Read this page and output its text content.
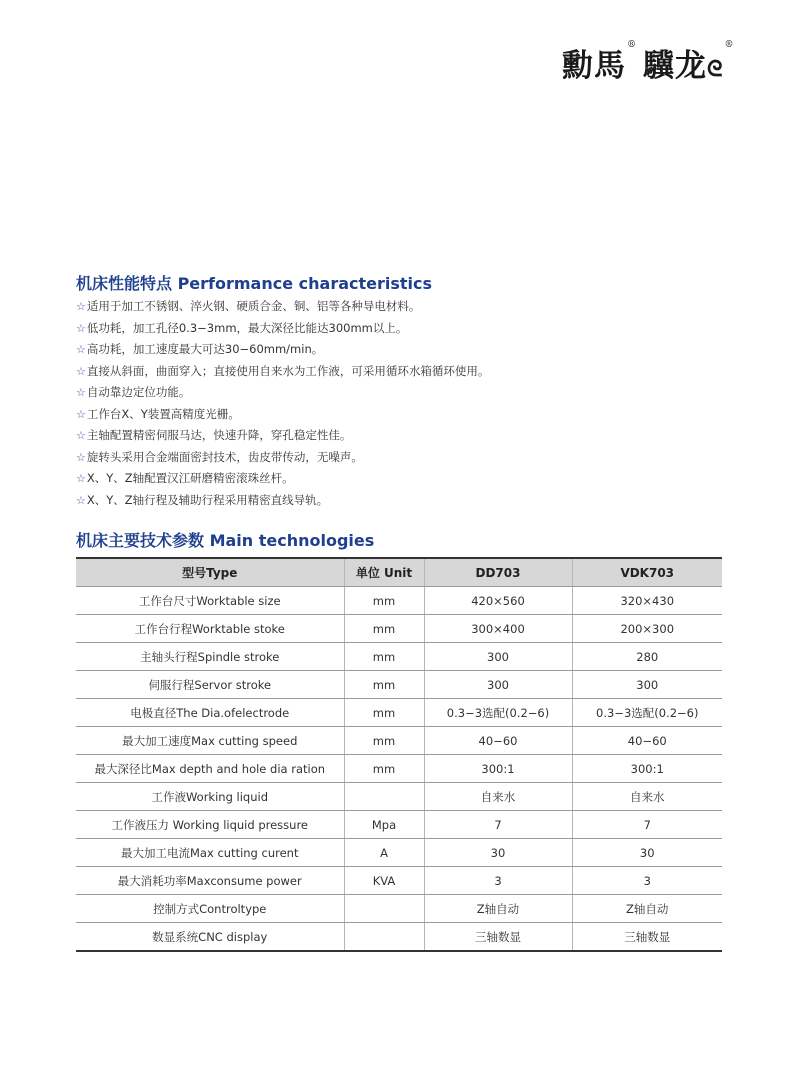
勳馬®驥龙ᘓ®
机床性能特点 Performance characteristics
☆适用于加工不锈钢、淬火钢、硬质合金、铜、铝等各种导电材料。
☆低功耗，加工孔径0.3−3mm，最大深径比能达300mm以上。
☆高功耗，加工速度最大可达30−60mm/min。
☆直接从斜面，曲面穿入；直接使用自来水为工作液，可采用循环水箱循环使用。
☆自动靠边定位功能。
☆工作台X、Y装置高精度光栅。
☆主轴配置精密伺服马达，快速升降，穿孔稳定性佳。
☆旋转头采用合金端面密封技术，齿皮带传动，无噪声。
☆X、Y、Z轴配置汉江研磨精密滚珠丝杆。
☆X、Y、Z轴行程及辅助行程采用精密直线导轨。
机床主要技术参数 Main technologies
型号Type	单位 Unit	DD703	VDK703
工作台尺寸Worktable size	mm	420×560	320×430
工作台行程Worktable stoke	mm	300×400	200×300
主轴头行程Spindle stroke	mm	300	280
伺服行程Servor stroke	mm	300	300
电极直径The Dia.ofelectrode	mm	0.3−3选配(0.2−6)	0.3−3选配(0.2−6)
最大加工速度Max cutting speed	mm	40−60	40−60
最大深径比Max depth and hole dia ration	mm	300:1	300:1
工作液Working liquid		自来水	自来水
工作液压力 Working liquid pressure	Mpa	7	7
最大加工电流Max cutting curent	A	30	30
最大消耗功率Maxconsume power	KVA	3	3
控制方式Controltype		Z轴自动	Z轴自动
数显系统CNC display		三轴数显	三轴数显
